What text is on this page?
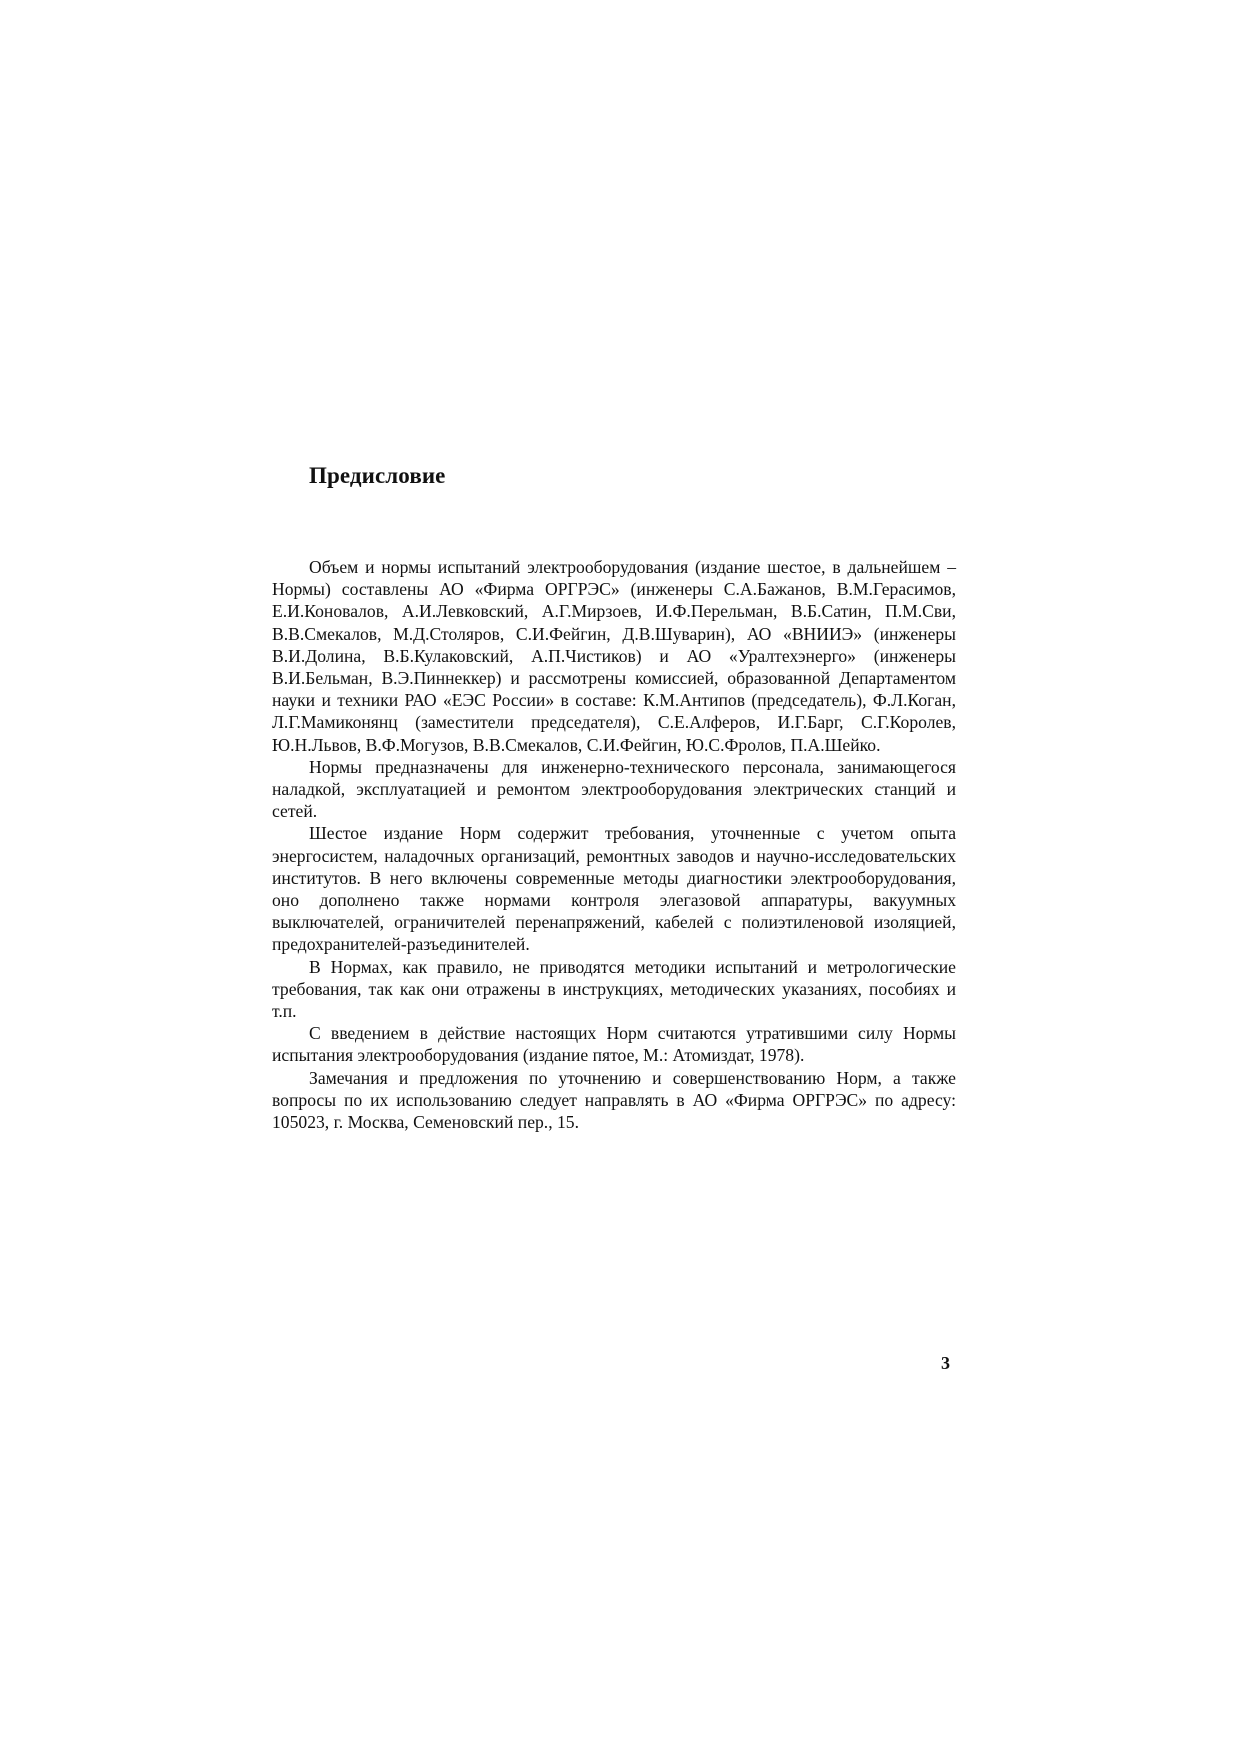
Предисловие

Объем и нормы испытаний электрооборудования (издание шестое, в дальнейшем – Нормы) составлены АО «Фирма ОРГРЭС» (инженеры С.А.Бажанов, В.М.Герасимов, Е.И.Коновалов, А.И.Левковский, А.Г.Мирзоев, И.Ф.Перельман, В.Б.Сатин, П.М.Сви, В.В.Смекалов, М.Д.Столяров, С.И.Фейгин, Д.В.Шуварин), АО «ВНИИЭ» (инженеры В.И.Долина, В.Б.Кулаковский, А.П.Чистиков) и АО «Уралтехэнерго» (инженеры В.И.Бельман, В.Э.Пиннеккер) и рассмотрены комиссией, образованной Департаментом науки и техники РАО «ЕЭС России» в составе: К.М.Антипов (председатель), Ф.Л.Коган, Л.Г.Мамиконянц (заместители председателя), С.Е.Алферов, И.Г.Барг, С.Г.Королев, Ю.Н.Львов, В.Ф.Могузов, В.В.Смекалов, С.И.Фейгин, Ю.С.Фролов, П.А.Шейко.

Нормы предназначены для инженерно-технического персонала, занимающегося наладкой, эксплуатацией и ремонтом электрооборудования электрических станций и сетей.

Шестое издание Норм содержит требования, уточненные с учетом опыта энергосистем, наладочных организаций, ремонтных заводов и научно-исследовательских институтов. В него включены современные методы диагностики электрооборудования, оно дополнено также нормами контроля элегазовой аппаратуры, вакуумных выключателей, ограничителей перенапряжений, кабелей с полиэтиленовой изоляцией, предохранителей-разъединителей.

В Нормах, как правило, не приводятся методики испытаний и метрологические требования, так как они отражены в инструкциях, методических указаниях, пособиях и т.п.

С введением в действие настоящих Норм считаются утратившими силу Нормы испытания электрооборудования (издание пятое, М.: Атомиздат, 1978).

Замечания и предложения по уточнению и совершенствованию Норм, а также вопросы по их использованию следует направлять в АО «Фирма ОРГРЭС» по адресу: 105023, г. Москва, Семеновский пер., 15.

3
